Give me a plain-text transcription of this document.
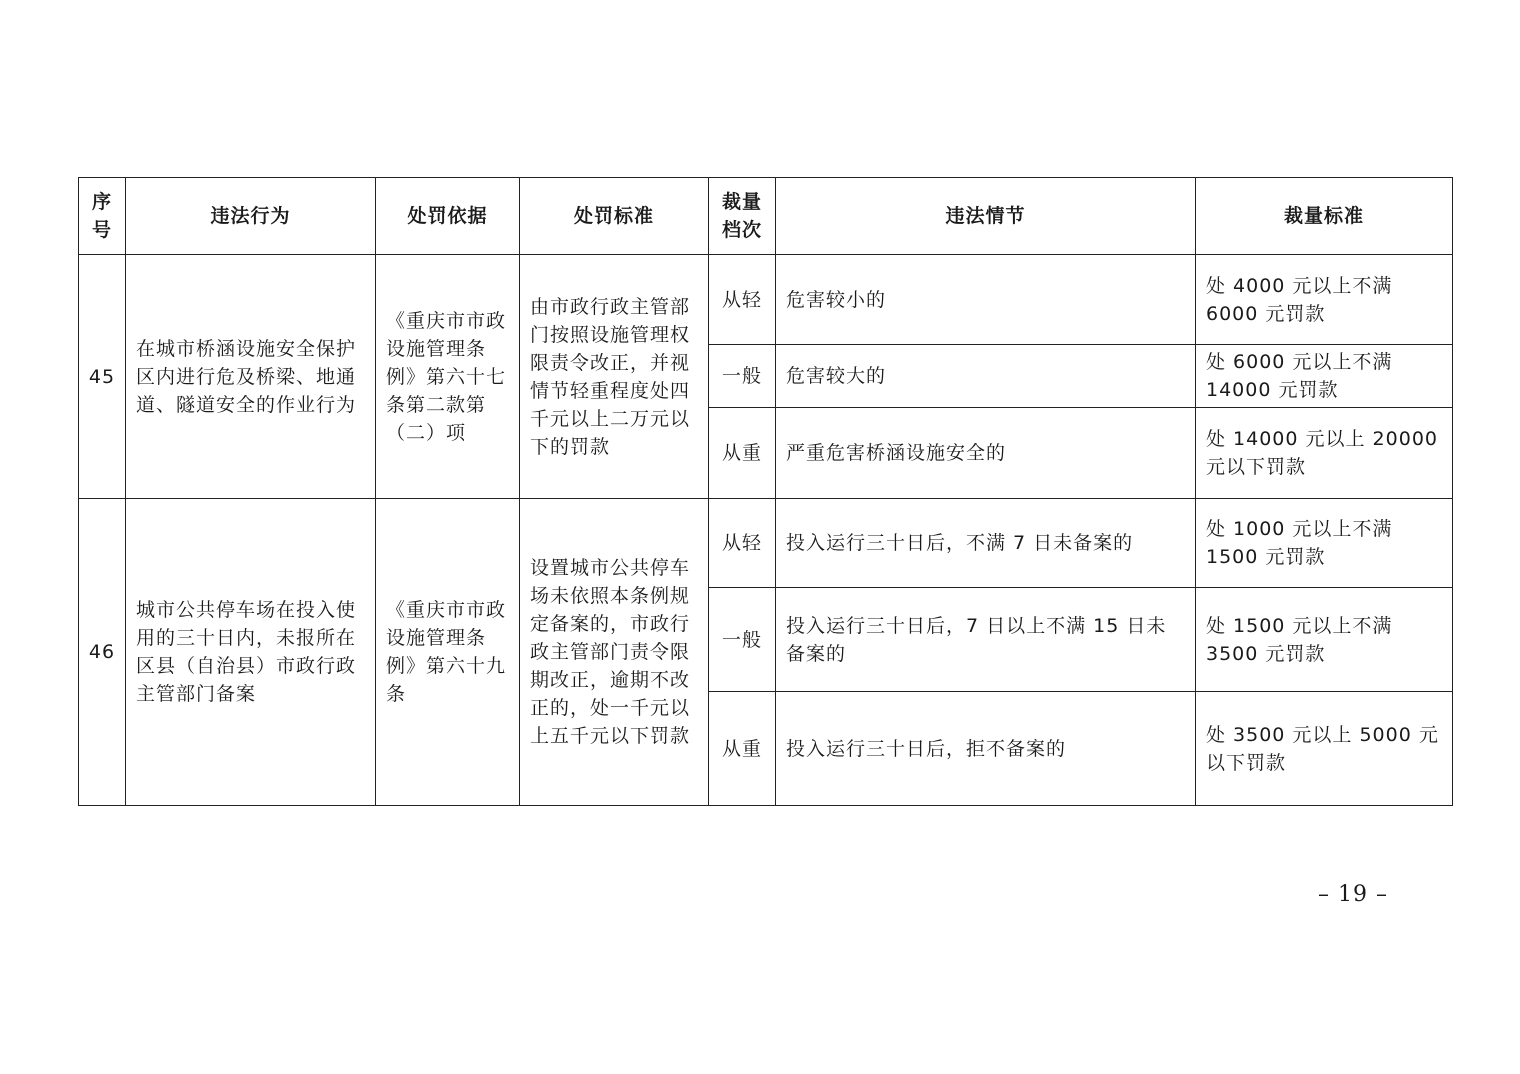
序号	违法行为	处罚依据	处罚标准	裁量档次	违法情节	裁量标准
45	在城市桥涵设施安全保护区内进行危及桥梁、地通道、隧道安全的作业行为	《重庆市市政设施管理条例》第六十七条第二款第（二）项	由市政行政主管部门按照设施管理权限责令改正，并视情节轻重程度处四千元以上二万元以下的罚款	从轻	危害较小的	处 4000 元以上不满 6000 元罚款
				一般	危害较大的	处 6000 元以上不满 14000 元罚款
				从重	严重危害桥涵设施安全的	处 14000 元以上 20000 元以下罚款
46	城市公共停车场在投入使用的三十日内，未报所在区县（自治县）市政行政主管部门备案	《重庆市市政设施管理条例》第六十九条	设置城市公共停车场未依照本条例规定备案的，市政行政主管部门责令限期改正，逾期不改正的，处一千元以上五千元以下罚款	从轻	投入运行三十日后，不满 7 日未备案的	处 1000 元以上不满 1500 元罚款
				一般	投入运行三十日后，7 日以上不满 15 日未备案的	处 1500 元以上不满 3500 元罚款
				从重	投入运行三十日后，拒不备案的	处 3500 元以上 5000 元以下罚款
– 19 –
